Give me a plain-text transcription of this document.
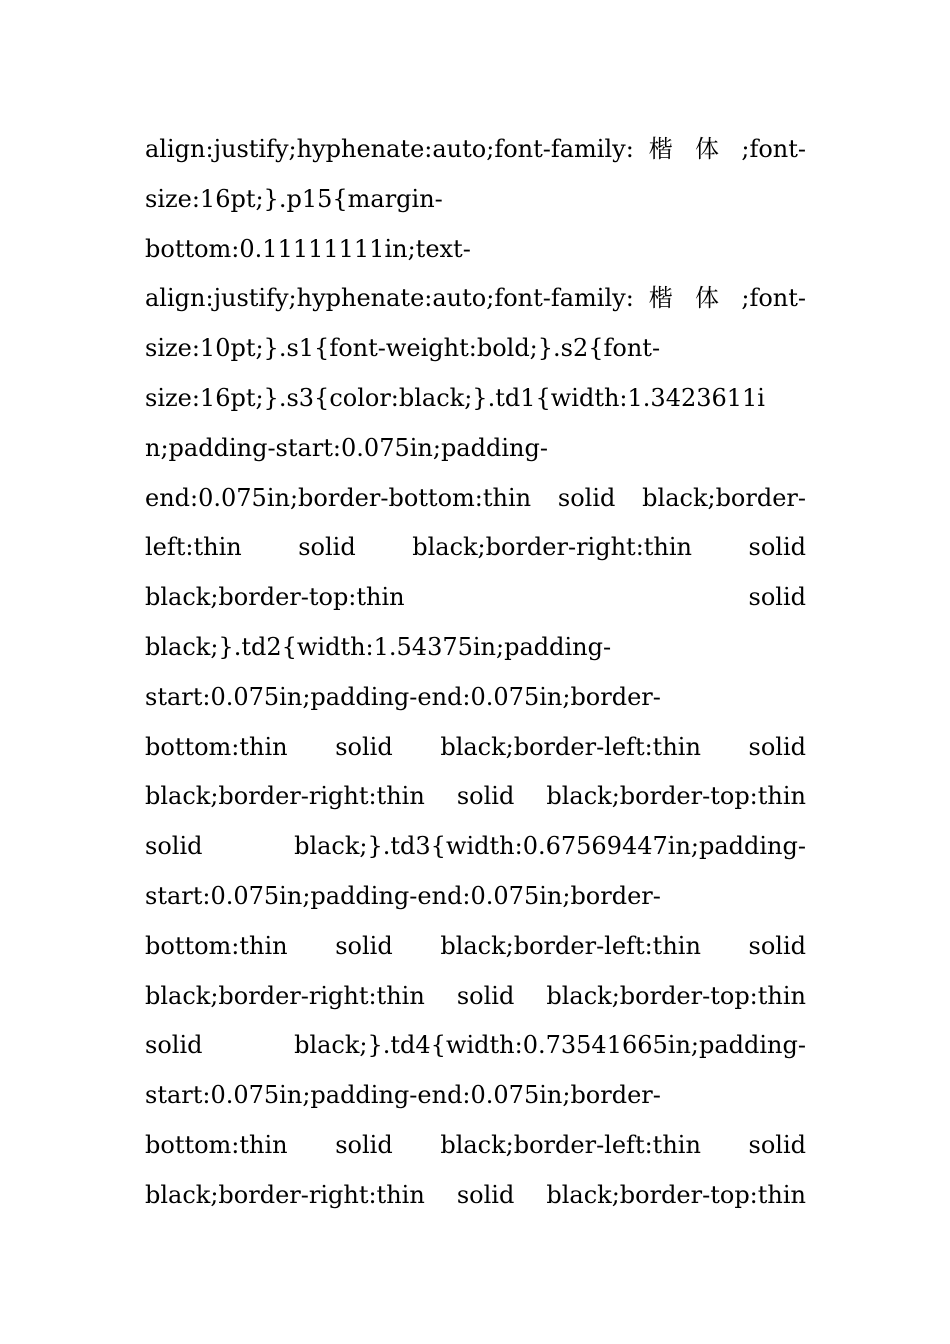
align:justify;hyphenate:auto;font-family: 楷 体 ;font-
size:16pt;}.p15{margin-
bottom:0.11111111in;text-
align:justify;hyphenate:auto;font-family: 楷 体 ;font-
size:10pt;}.s1{font-weight:bold;}.s2{font-
size:16pt;}.s3{color:black;}.td1{width:1.3423611i
n;padding-start:0.075in;padding-
end:0.075in;border-bottom:thin solid black;border-
left:thin solid black;border-right:thin solid
black;border-top:thin solid
black;}.td2{width:1.54375in;padding-
start:0.075in;padding-end:0.075in;border-
bottom:thin solid black;border-left:thin solid
black;border-right:thin solid black;border-top:thin
solid black;}.td3{width:0.67569447in;padding-
start:0.075in;padding-end:0.075in;border-
bottom:thin solid black;border-left:thin solid
black;border-right:thin solid black;border-top:thin
solid black;}.td4{width:0.73541665in;padding-
start:0.075in;padding-end:0.075in;border-
bottom:thin solid black;border-left:thin solid
black;border-right:thin solid black;border-top:thin
